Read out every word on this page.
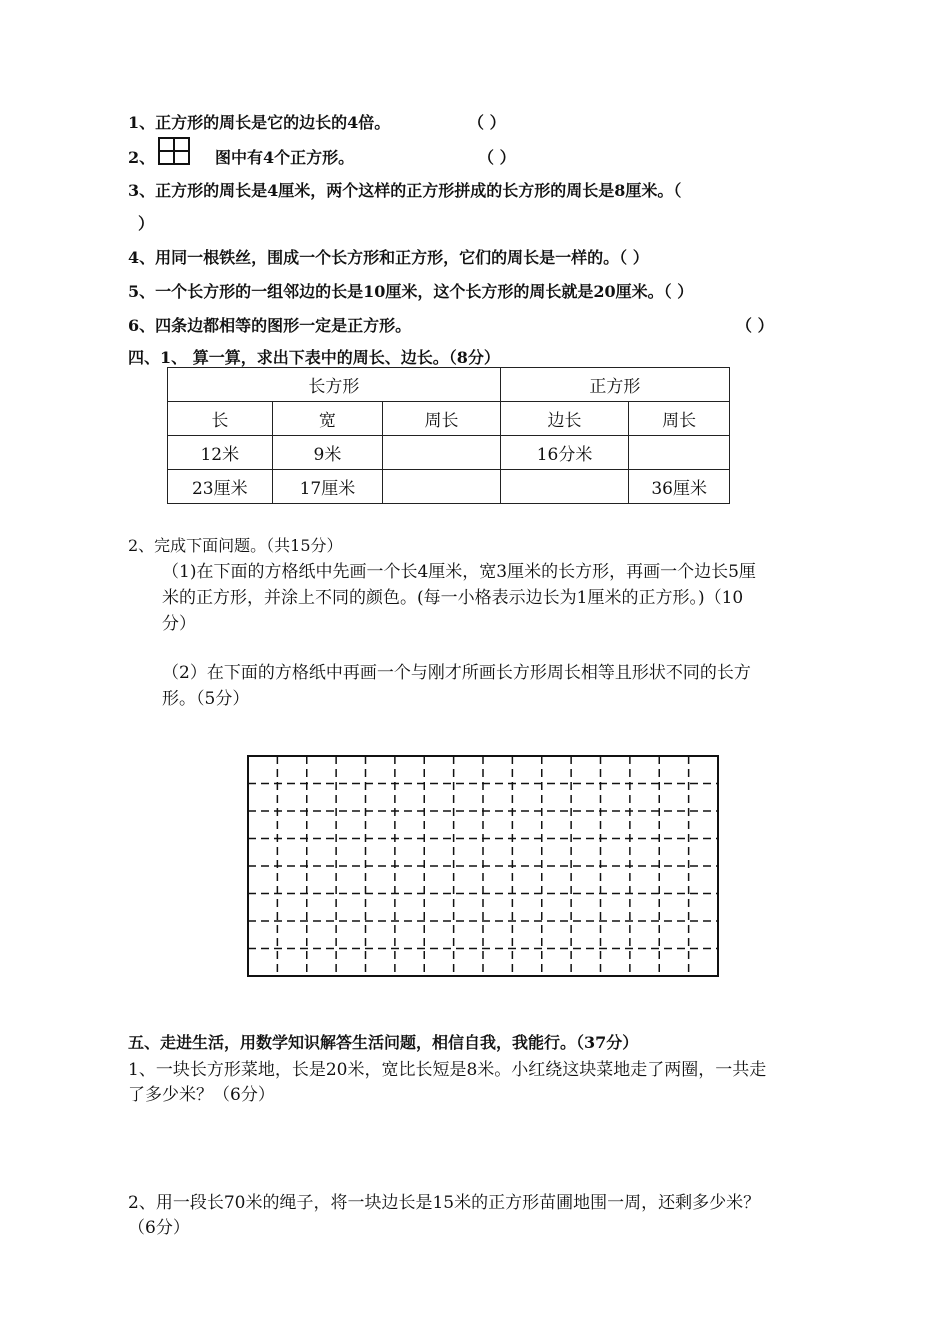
1、正方形的周长是它的边长的4倍。	（ ）
2、	图中有4个正方形。	（ ）
3、正方形的周长是4厘米，两个这样的正方形拼成的长方形的周长是8厘米。（
）
4、用同一根铁丝，围成一个长方形和正方形，它们的周长是一样的。（ ）
5、一个长方形的一组邻边的长是10厘米，这个长方形的周长就是20厘米。（ ）
6、四条边都相等的图形一定是正方形。	（ ）
四、1、 算一算，求出下表中的周长、边长。（8分）
长方形			正方形	
长	宽	周长	边长	周长
12米	9米		16分米	
23厘米	17厘米			36厘米
2、完成下面问题。（共15分）
（1)在下面的方格纸中先画一个长4厘米，宽3厘米的长方形，再画一个边长5厘
米的正方形，并涂上不同的颜色。(每一小格表示边长为1厘米的正方形。)（10
分）
（2）在下面的方格纸中再画一个与刚才所画长方形周长相等且形状不同的长方
形。（5分）
五、走进生活，用数学知识解答生活问题，相信自我，我能行。（37分）
1、一块长方形菜地，长是20米，宽比长短是8米。小红绕这块菜地走了两圈，一共走
了多少米？（6分）
2、用一段长70米的绳子，将一块边长是15米的正方形苗圃地围一周，还剩多少米？
（6分）
